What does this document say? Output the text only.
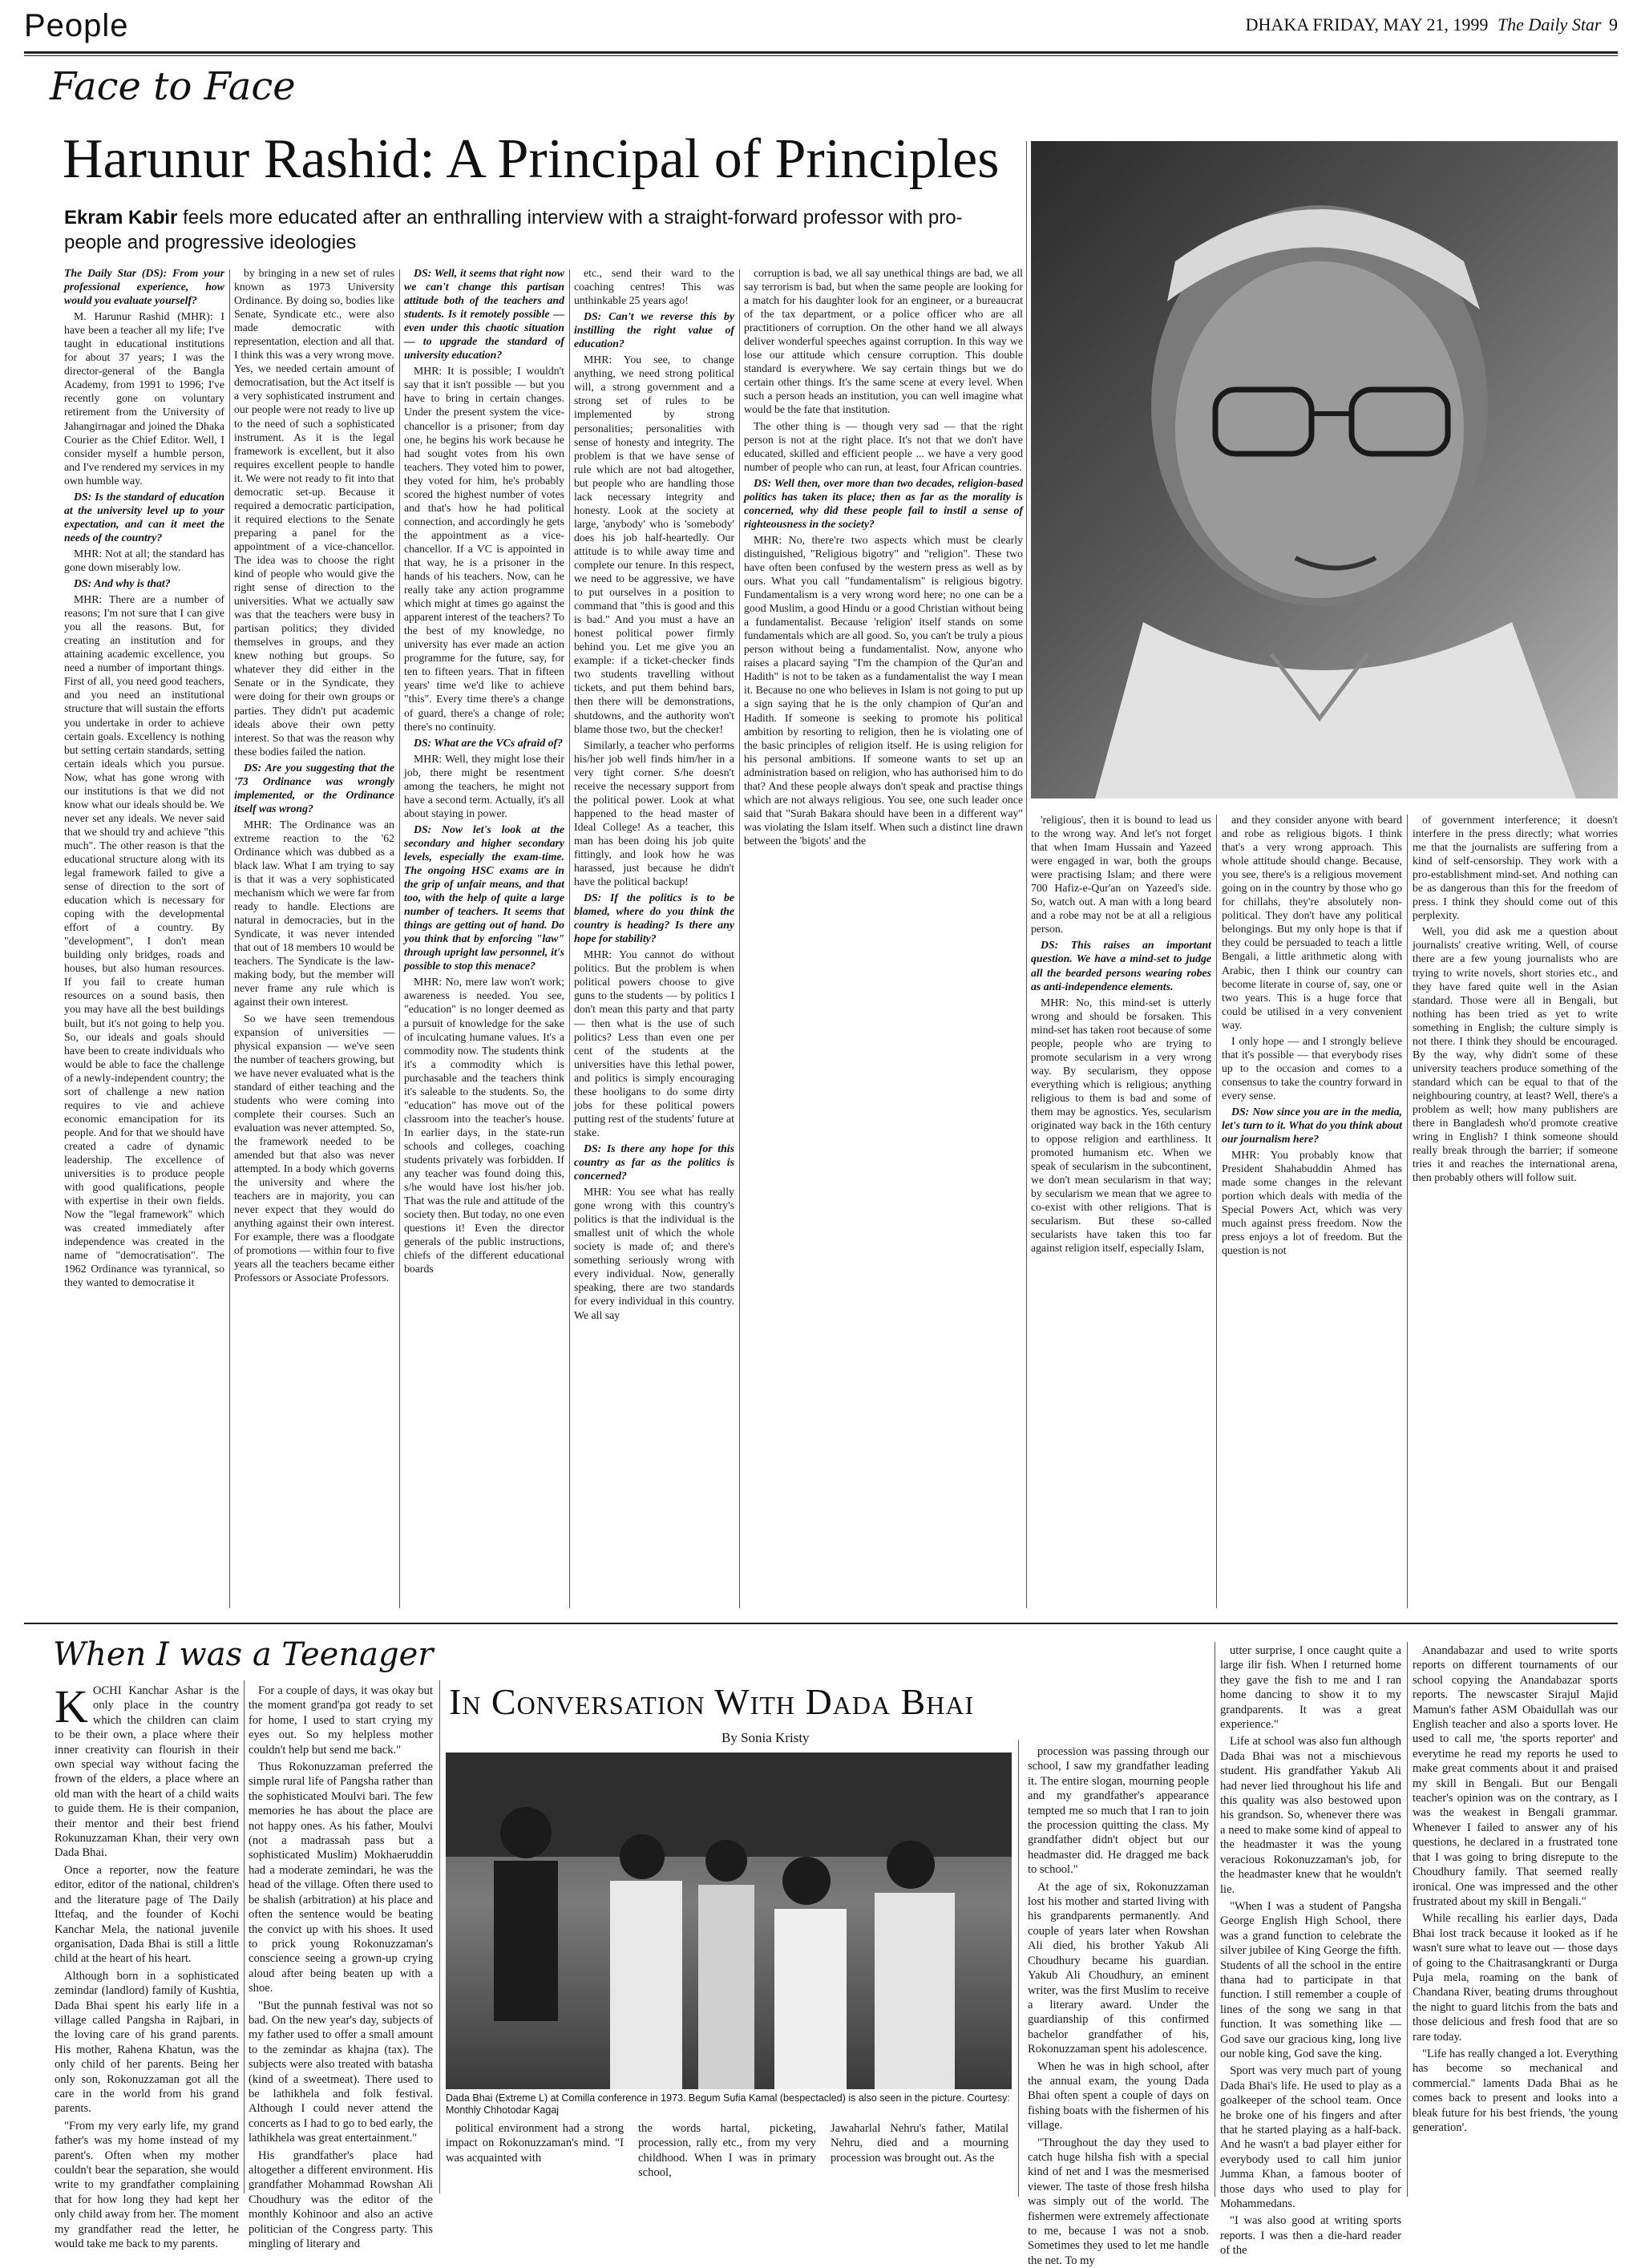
People	DHAKA FRIDAY, MAY 21, 1999 The Daily Star 9
Face to Face
Harunur Rashid: A Principal of Principles
Ekram Kabir feels more educated after an enthralling interview with a straight-forward professor with pro-people and progressive ideologies

The Daily Star (DS): From your professional experience, how would you evaluate yourself?

M. Harunur Rashid (MHR): I have been a teacher all my life; I've taught in educational institutions for about 37 years; I was the director-general of the Bangla Academy, from 1991 to 1996; I've recently gone on voluntary retirement from the University of Jahangirnagar and joined the Dhaka Courier as the Chief Editor. Well, I consider myself a humble person, and I've rendered my services in my own humble way.

DS: Is the standard of education at the university level up to your expectation, and can it meet the needs of the country?

MHR: Not at all; the standard has gone down miserably low.

DS: And why is that?

MHR: There are a number of reasons; I'm not sure that I can give you all the reasons. But, for creating an institution and for attaining academic excellence, you need a number of important things. First of all, you need good teachers, and you need an institutional structure that will sustain the efforts you undertake in order to achieve certain goals. Excellency is nothing but setting certain standards, setting certain ideals which you pursue. Now, what has gone wrong with our institutions is that we did not know what our ideals should be. We never set any ideals. We never said that we should try and achieve "this much". The other reason is that the educational structure along with its legal framework failed to give a sense of direction to the sort of education which is necessary for coping with the developmental effort of a country. By "development", I don't mean building only bridges, roads and houses, but also human resources. If you fail to create human resources on a sound basis, then you may have all the best buildings built, but it's not going to help you. So, our ideals and goals should have been to create individuals who would be able to face the challenge of a newly-independent country; the sort of challenge a new nation requires to vie and achieve economic emancipation for its people. And for that we should have created a cadre of dynamic leadership. The excellence of universities is to produce people with good qualifications, people with expertise in their own fields. Now the "legal framework" which was created immediately after independence was created in the name of "democratisation". The 1962 Ordinance was tyrannical, so they wanted to democratise it

by bringing in a new set of rules known as 1973 University Ordinance. By doing so, bodies like Senate, Syndicate etc., were also made democratic with representation, election and all that. I think this was a very wrong move. Yes, we needed certain amount of democratisation, but the Act itself is a very sophisticated instrument and our people were not ready to live up to the need of such a sophisticated instrument. As it is the legal framework is excellent, but it also requires excellent people to handle it. We were not ready to fit into that democratic set-up. Because it required a democratic participation, it required elections to the Senate preparing a panel for the appointment of a vice-chancellor. The idea was to choose the right kind of people who would give the right sense of direction to the universities. What we actually saw was that the teachers were busy in partisan politics; they divided themselves in groups, and they knew nothing but groups. So whatever they did either in the Senate or in the Syndicate, they were doing for their own groups or parties. They didn't put academic ideals above their own petty interest. So that was the reason why these bodies failed the nation.

DS: Are you suggesting that the '73 Ordinance was wrongly implemented, or the Ordinance itself was wrong?

MHR: The Ordinance was an extreme reaction to the '62 Ordinance which was dubbed as a black law. What I am trying to say is that it was a very sophisticated mechanism which we were far from ready to handle. Elections are natural in democracies, but in the Syndicate, it was never intended that out of 18 members 10 would be teachers. The Syndicate is the law-making body, but the member will never frame any rule which is against their own interest.

So we have seen tremendous expansion of universities — physical expansion — we've seen the number of teachers growing, but we have never evaluated what is the standard of either teaching and the students who were coming into complete their courses. Such an evaluation was never attempted. So, the framework needed to be amended but that also was never attempted. In a body which governs the university and where the teachers are in majority, you can never expect that they would do anything against their own interest. For example, there was a floodgate of promotions — within four to five years all the teachers became either Professors or Associate Professors.

DS: Well, it seems that right now we can't change this partisan attitude both of the teachers and students. Is it remotely possible — even under this chaotic situation — to upgrade the standard of university education?

MHR: It is possible; I wouldn't say that it isn't possible — but you have to bring in certain changes. Under the present system the vice-chancellor is a prisoner; from day one, he begins his work because he had sought votes from his own teachers. They voted him to power, they voted for him, he's probably scored the highest number of votes and that's how he had political connection, and accordingly he gets the appointment as a vice-chancellor. If a VC is appointed in that way, he is a prisoner in the hands of his teachers. Now, can he really take any action programme which might at times go against the apparent interest of the teachers? To the best of my knowledge, no university has ever made an action programme for the future, say, for ten to fifteen years. That in fifteen years' time we'd like to achieve "this". Every time there's a change of guard, there's a change of role; there's no continuity.

DS: What are the VCs afraid of?

MHR: Well, they might lose their job, there might be resentment among the teachers, he might not have a second term. Actually, it's all about staying in power.

DS: Now let's look at the secondary and higher secondary levels, especially the exam-time. The ongoing HSC exams are in the grip of unfair means, and that too, with the help of quite a large number of teachers. It seems that things are getting out of hand. Do you think that by enforcing "law" through upright law personnel, it's possible to stop this menace?

MHR: No, mere law won't work; awareness is needed. You see, "education" is no longer deemed as a pursuit of knowledge for the sake of inculcating humane values. It's a commodity now. The students think it's a commodity which is purchasable and the teachers think it's saleable to the students. So, the "education" has move out of the classroom into the teacher's house. In earlier days, in the state-run schools and colleges, coaching students privately was forbidden. If any teacher was found doing this, s/he would have lost his/her job. That was the rule and attitude of the society then. But today, no one even questions it! Even the director generals of the public instructions, chiefs of the different educational boards

etc., send their ward to the coaching centres! This was unthinkable 25 years ago!

DS: Can't we reverse this by instilling the right value of education?

MHR: You see, to change anything, we need strong political will, a strong government and a strong set of rules to be implemented by strong personalities; personalities with sense of honesty and integrity. The problem is that we have sense of rule which are not bad altogether, but people who are handling those lack necessary integrity and honesty. Look at the society at large, 'anybody' who is 'somebody' does his job half-heartedly. Our attitude is to while away time and complete our tenure. In this respect, we need to be aggressive, we have to put ourselves in a position to command that "this is good and this is bad." And you must a have an honest political power firmly behind you. Let me give you an example: if a ticket-checker finds two students travelling without tickets, and put them behind bars, then there will be demonstrations, shutdowns, and the authority won't blame those two, but the checker!

Similarly, a teacher who performs his/her job well finds him/her in a very tight corner. S/he doesn't receive the necessary support from the political power. Look at what happened to the head master of Ideal College! As a teacher, this man has been doing his job quite fittingly, and look how he was harassed, just because he didn't have the political backup!

DS: If the politics is to be blamed, where do you think the country is heading? Is there any hope for stability?

MHR: You cannot do without politics. But the problem is when political powers choose to give guns to the students — by politics I don't mean this party and that party — then what is the use of such politics? Less than even one per cent of the students at the universities have this lethal power, and politics is simply encouraging these hooligans to do some dirty jobs for these political powers putting rest of the students' future at stake.

DS: Is there any hope for this country as far as the politics is concerned?

MHR: You see what has really gone wrong with this country's politics is that the individual is the smallest unit of which the whole society is made of; and there's something seriously wrong with every individual. Now, generally speaking, there are two standards for every individual in this country. We all say

corruption is bad, we all say unethical things are bad, we all say terrorism is bad, but when the same people are looking for a match for his daughter look for an engineer, or a bureaucrat of the tax department, or a police officer who are all practitioners of corruption. On the other hand we all always deliver wonderful speeches against corruption. In this way we lose our attitude which censure corruption. This double standard is everywhere. We say certain things but we do certain other things. It's the same scene at every level. When such a person heads an institution, you can well imagine what would be the fate that institution.

The other thing is — though very sad — that the right person is not at the right place. It's not that we don't have educated, skilled and efficient people ... we have a very good number of people who can run, at least, four African countries.

DS: Well then, over more than two decades, religion-based politics has taken its place; then as far as the morality is concerned, why did these people fail to instil a sense of righteousness in the society?

MHR: No, there're two aspects which must be clearly distinguished, "Religious bigotry" and "religion". These two have often been confused by the western press as well as by ours. What you call "fundamentalism" is religious bigotry. Fundamentalism is a very wrong word here; no one can be a good Muslim, a good Hindu or a good Christian without being a fundamentalist. Because 'religion' itself stands on some fundamentals which are all good. So, you can't be truly a pious person without being a fundamentalist. Now, anyone who raises a placard saying "I'm the champion of the Qur'an and Hadith" is not to be taken as a fundamentalist the way I mean it. Because no one who believes in Islam is not going to put up a sign saying that he is the only champion of Qur'an and Hadith. If someone is seeking to promote his political ambition by resorting to religion, then he is violating one of the basic principles of religion itself. He is using religion for his personal ambitions. If someone wants to set up an administration based on religion, who has authorised him to do that? And these people always don't speak and practise things which are not always religious. You see, one such leader once said that "Surah Bakara should have been in a different way" was violating the Islam itself. When such a distinct line drawn between the 'bigots' and the

'religious', then it is bound to lead us to the wrong way. And let's not forget that when Imam Hussain and Yazeed were engaged in war, both the groups were practising Islam; and there were 700 Hafiz-e-Qur'an on Yazeed's side. So, watch out. A man with a long beard and a robe may not be at all a religious person.

DS: This raises an important question. We have a mind-set to judge all the bearded persons wearing robes as anti-independence elements.

MHR: No, this mind-set is utterly wrong and should be forsaken. This mind-set has taken root because of some people, people who are trying to promote secularism in a very wrong way. By secularism, they oppose everything which is religious; anything religious to them is bad and some of them may be agnostics. Yes, secularism originated way back in the 16th century to oppose religion and earthliness. It promoted humanism etc. When we speak of secularism in the subcontinent, we don't mean secularism in that way; by secularism we mean that we agree to co-exist with other religions. That is secularism. But these so-called secularists have taken this too far against religion itself, especially Islam,

and they consider anyone with beard and robe as religious bigots. I think that's a very wrong approach. This whole attitude should change. Because, you see, there's is a religious movement going on in the country by those who go for chillahs, they're absolutely non-political. They don't have any political belongings. But my only hope is that if they could be persuaded to teach a little Bengali, a little arithmetic along with Arabic, then I think our country can become literate in course of, say, one or two years. This is a huge force that could be utilised in a very convenient way.

I only hope — and I strongly believe that it's possible — that everybody rises up to the occasion and comes to a consensus to take the country forward in every sense.

DS: Now since you are in the media, let's turn to it. What do you think about our journalism here?

MHR: You probably know that President Shahabuddin Ahmed has made some changes in the relevant portion which deals with media of the Special Powers Act, which was very much against press freedom. Now the press enjoys a lot of freedom. But the question is not

of government interference; it doesn't interfere in the press directly; what worries me that the journalists are suffering from a kind of self-censorship. They work with a pro-establishment mind-set. And nothing can be as dangerous than this for the freedom of press. I think they should come out of this perplexity.

Well, you did ask me a question about journalists' creative writing. Well, of course there are a few young journalists who are trying to write novels, short stories etc., and they have fared quite well in the Asian standard. Those were all in Bengali, but nothing has been tried as yet to write something in English; the culture simply is not there. I think they should be encouraged. By the way, why didn't some of these university teachers produce something of the standard which can be equal to that of the neighbouring country, at least? Well, there's a problem as well; how many publishers are there in Bangladesh who'd promote creative wring in English? I think someone should really break through the barrier; if someone tries it and reaches the international arena, then probably others will follow suit.

When I was a Teenager

KOCHI Kanchar Ashar is the only place in the country which the children can claim to be their own, a place where their inner creativity can flourish in their own special way without facing the frown of the elders, a place where an old man with the heart of a child waits to guide them. He is their companion, their mentor and their best friend Rokunuzzaman Khan, their very own Dada Bhai.

Once a reporter, now the feature editor, editor of the national, children's and the literature page of The Daily Ittefaq, and the founder of Kochi Kanchar Mela, the national juvenile organisation, Dada Bhai is still a little child at the heart of his heart.

Although born in a sophisticated zemindar (landlord) family of Kushtia, Dada Bhai spent his early life in a village called Pangsha in Rajbari, in the loving care of his grand parents. His mother, Rahena Khatun, was the only child of her parents. Being her only son, Rokonuzzaman got all the care in the world from his grand parents.

"From my very early life, my grand father's was my home instead of my parent's. Often when my mother couldn't bear the separation, she would write to my grandfather complaining that for how long they had kept her only child away from her. The moment my grandfather read the letter, he would take me back to my parents.

For a couple of days, it was okay but the moment grand'pa got ready to set for home, I used to start crying my eyes out. So my helpless mother couldn't help but send me back."

Thus Rokonuzzaman preferred the simple rural life of Pangsha rather than the sophisticated Moulvi bari. The few memories he has about the place are not happy ones. As his father, Moulvi (not a madrassah pass but a sophisticated Muslim) Mokhaeruddin had a moderate zemindari, he was the head of the village. Often there used to be shalish (arbitration) at his place and often the sentence would be beating the convict up with his shoes. It used to prick young Rokonuzzaman's conscience seeing a grown-up crying aloud after being beaten up with a shoe.

"But the punnah festival was not so bad. On the new year's day, subjects of my father used to offer a small amount to the zemindar as khajna (tax). The subjects were also treated with batasha (kind of a sweetmeat). There used to be lathikhela and folk festival. Although I could never attend the concerts as I had to go to bed early, the lathikhela was great entertainment."

His grandfather's place had altogether a different environment. His grandfather Mohammad Rowshan Ali Choudhury was the editor of the monthly Kohinoor and also an active politician of the Congress party. This mingling of literary and

In Conversation With Dada Bhai
By Sonia Kristy
Dada Bhai (Extreme L) at Comilla conference in 1973. Begum Sufia Kamal (bespectacled) is also seen in the picture. Courtesy: Monthly Chhotodar Kagaj

political environment had a strong impact on Rokonuzzaman's mind. "I was acquainted with

the words hartal, picketing, procession, rally etc., from my very childhood. When I was in primary school,

Jawaharlal Nehru's father, Matilal Nehru, died and a mourning procession was brought out. As the

procession was passing through our school, I saw my grandfather leading it. The entire slogan, mourning people and my grandfather's appearance tempted me so much that I ran to join the procession quitting the class. My grandfather didn't object but our headmaster did. He dragged me back to school."

At the age of six, Rokonuzzaman lost his mother and started living with his grandparents permanently. And couple of years later when Rowshan Ali died, his brother Yakub Ali Choudhury became his guardian. Yakub Ali Choudhury, an eminent writer, was the first Muslim to receive a literary award. Under the guardianship of this confirmed bachelor grandfather of his, Rokonuzzaman spent his adolescence.

When he was in high school, after the annual exam, the young Dada Bhai often spent a couple of days on fishing boats with the fishermen of his village.

"Throughout the day they used to catch huge hilsha fish with a special kind of net and I was the mesmerised viewer. The taste of those fresh hilsha was simply out of the world. The fishermen were extremely affectionate to me, because I was not a snob. Sometimes they used to let me handle the net. To my

utter surprise, I once caught quite a large ilir fish. When I returned home they gave the fish to me and I ran home dancing to show it to my grandparents. It was a great experience."

Life at school was also fun although Dada Bhai was not a mischievous student. His grandfather Yakub Ali had never lied throughout his life and this quality was also bestowed upon his grandson. So, whenever there was a need to make some kind of appeal to the headmaster it was the young veracious Rokonuzzaman's job, for the headmaster knew that he wouldn't lie.

"When I was a student of Pangsha George English High School, there was a grand function to celebrate the silver jubilee of King George the fifth. Students of all the school in the entire thana had to participate in that function. I still remember a couple of lines of the song we sang in that function. It was something like — God save our gracious king, long live our noble king, God save the king.

Sport was very much part of young Dada Bhai's life. He used to play as a goalkeeper of the school team. Once he broke one of his fingers and after that he started playing as a half-back. And he wasn't a bad player either for everybody used to call him junior Jumma Khan, a famous booter of those days who used to play for Mohammedans.

"I was also good at writing sports reports. I was then a die-hard reader of the

Anandabazar and used to write sports reports on different tournaments of our school copying the Anandabazar sports reports. The newscaster Sirajul Majid Mamun's father ASM Obaidullah was our English teacher and also a sports lover. He used to call me, 'the sports reporter' and everytime he read my reports he used to make great comments about it and praised my skill in Bengali. But our Bengali teacher's opinion was on the contrary, as I was the weakest in Bengali grammar. Whenever I failed to answer any of his questions, he declared in a frustrated tone that I was going to bring disrepute to the Choudhury family. That seemed really ironical. One was impressed and the other frustrated about my skill in Bengali."

While recalling his earlier days, Dada Bhai lost track because it looked as if he wasn't sure what to leave out — those days of going to the Chaitrasangkranti or Durga Puja mela, roaming on the bank of Chandana River, beating drums throughout the night to guard litchis from the bats and those delicious and fresh food that are so rare today.

"Life has really changed a lot. Everything has become so mechanical and commercial." laments Dada Bhai as he comes back to present and looks into a bleak future for his best friends, 'the young generation'.
